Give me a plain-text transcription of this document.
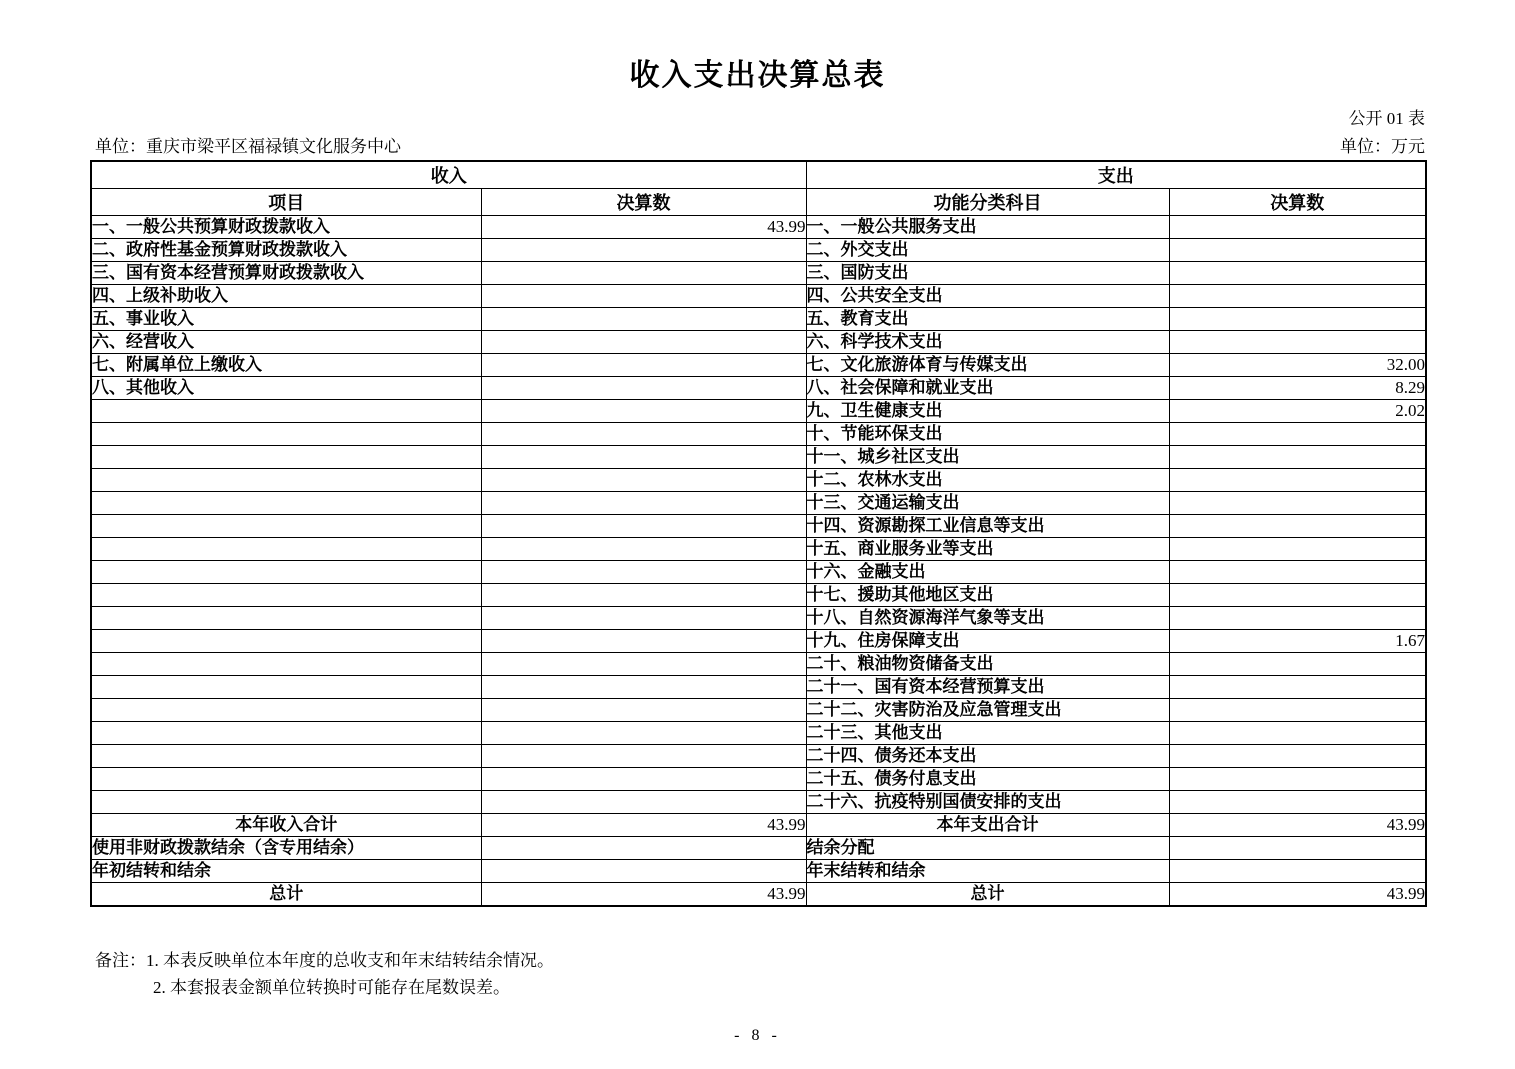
收入支出决算总表
公开 01 表
单位：重庆市梁平区福禄镇文化服务中心	单位：万元
收入		支出	
项目	决算数	功能分类科目	决算数
一、一般公共预算财政拨款收入	43.99	一、一般公共服务支出	
二、政府性基金预算财政拨款收入		二、外交支出	
三、国有资本经营预算财政拨款收入		三、国防支出	
四、上级补助收入		四、公共安全支出	
五、事业收入		五、教育支出	
六、经营收入		六、科学技术支出	
七、附属单位上缴收入		七、文化旅游体育与传媒支出	32.00
八、其他收入		八、社会保障和就业支出	8.29
		九、卫生健康支出	2.02
		十、节能环保支出	
		十一、城乡社区支出	
		十二、农林水支出	
		十三、交通运输支出	
		十四、资源勘探工业信息等支出	
		十五、商业服务业等支出	
		十六、金融支出	
		十七、援助其他地区支出	
		十八、自然资源海洋气象等支出	
		十九、住房保障支出	1.67
		二十、粮油物资储备支出	
		二十一、国有资本经营预算支出	
		二十二、灾害防治及应急管理支出	
		二十三、其他支出	
		二十四、债务还本支出	
		二十五、债务付息支出	
		二十六、抗疫特别国债安排的支出	
本年收入合计	43.99	本年支出合计	43.99
使用非财政拨款结余（含专用结余）		结余分配	
年初结转和结余		年末结转和结余	
总计	43.99	总计	43.99
备注：1. 本表反映单位本年度的总收支和年末结转结余情况。
2. 本套报表金额单位转换时可能存在尾数误差。
- 8 -
